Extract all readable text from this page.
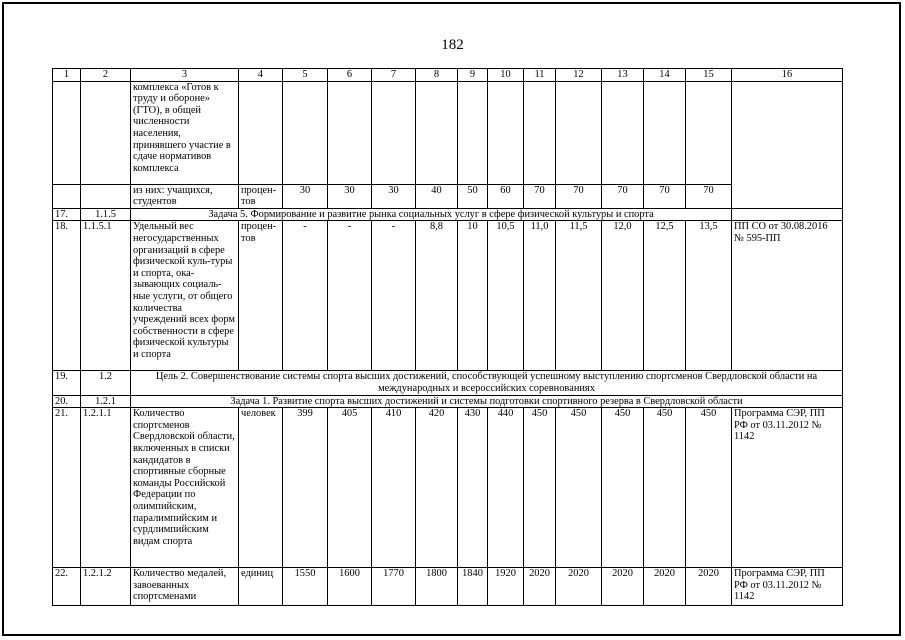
182
1	2	3	4	5	6	7	8	9	10	11	12	13	14	15	16
		комплекса «Готов к труду и обороне» (ГТО), в общей численности населения, принявшего участие в сдаче нормативов комплекса													
		из них: учащихся, студентов	процен-тов	30	30	30	40	50	60	70	70	70	70	70	
17.	1.1.5	Задача 5. Формирование и развитие рынка социальных услуг в сфере физической культуры и спорта													
18.	1.1.5.1	Удельный вес негосударственных организаций в сфере физической куль-туры и спорта, ока-зывающих социаль-ные услуги, от общего количества учреждений всех форм собственности в сфере физической культуры и спорта	процен-тов	-	-	-	8,8	10	10,5	11,0	11,5	12,0	12,5	13,5	ПП СО от 30.08.2016 № 595-ПП
19.	1.2	Цель 2. Совершенствование системы спорта высших достижений, способствующей успешному выступлению спортсменов Свердловской области на международных и всероссийских соревнованиях													
20.	1.2.1	Задача 1. Развитие спорта высших достижений и системы подготовки спортивного резерва в Свердловской области													
21.	1.2.1.1	Количество спортсменов Свердловской области, включенных в списки кандидатов в спортивные сборные команды Российской Федерации по олимпийским, паралимпийским и сурдлимпийским видам спорта	человек	399	405	410	420	430	440	450	450	450	450	450	Программа СЭР, ПП РФ от 03.11.2012 № 1142
22.	1.2.1.2	Количество медалей, завоеванных спортсменами	единиц	1550	1600	1770	1800	1840	1920	2020	2020	2020	2020	2020	Программа СЭР, ПП РФ от 03.11.2012 № 1142
